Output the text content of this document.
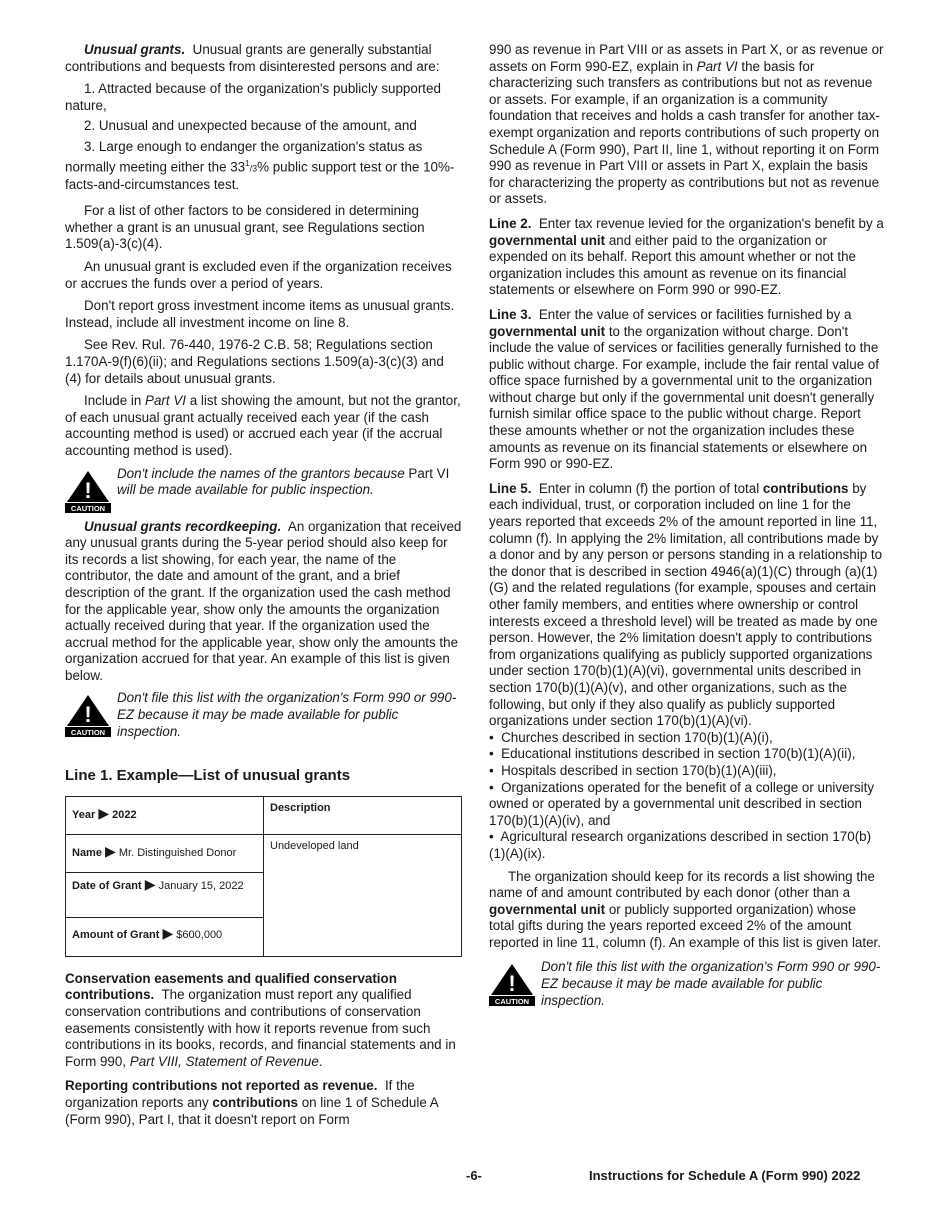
Unusual grants. Unusual grants are generally substantial contributions and bequests from disinterested persons and are:

1. Attracted because of the organization's publicly supported nature,

2. Unusual and unexpected because of the amount, and

3. Large enough to endanger the organization's status as normally meeting either the $33^1/3\%$ public support test or the 10%-facts-and-circumstances test.

For a list of other factors to be considered in determining whether a grant is an unusual grant, see Regulations section 1.509(a)-3(c)(4).

An unusual grant is excluded even if the organization receives or accrues the funds over a period of years.

Don't report gross investment income items as unusual grants. Instead, include all investment income on line 8.

See Rev. Rul. 76-440, 1976-2 C.B. 58; Regulations section 1.170A-9(f)(6)(ii); and Regulations sections 1.509(a)-3(c)(3) and (4) for details about unusual grants.

Include in Part VI a list showing the amount, but not the grantor, of each unusual grant actually received each year (if the cash accounting method is used) or accrued each year (if the accrual accounting method is used).

!
CAUTION
Don't include the names of the grantors because Part VI will be made available for public inspection.

Unusual grants recordkeeping. An organization that received any unusual grants during the 5-year period should also keep for its records a list showing, for each year, the name of the contributor, the date and amount of the grant, and a brief description of the grant. If the organization used the cash method for the applicable year, show only the amounts the organization actually received during that year. If the organization used the accrual method for the applicable year, show only the amounts the organization accrued for that year. An example of this list is given below.

!
CAUTION
Don't file this list with the organization's Form 990 or 990-EZ because it may be made available for public inspection.
Line 1. Example—List of unusual grants
Year ▶ 2022	Description
Name ▶ Mr. Distinguished Donor	Undeveloped land
Date of Grant ▶ January 15, 2022	
Amount of Grant ▶ $600,000	

Conservation easements and qualified conservation contributions. The organization must report any qualified conservation contributions and contributions of conservation easements consistently with how it reports revenue from such contributions in its books, records, and financial statements and in Form 990, Part VIII, Statement of Revenue.

Reporting contributions not reported as revenue. If the organization reports any contributions on line 1 of Schedule A (Form 990), Part I, that it doesn't report on Form

990 as revenue in Part VIII or as assets in Part X, or as revenue or assets on Form 990-EZ, explain in Part VI the basis for characterizing such transfers as contributions but not as revenue or assets. For example, if an organization is a community foundation that receives and holds a cash transfer for another tax-exempt organization and reports contributions of such property on Schedule A (Form 990), Part II, line 1, without reporting it on Form 990 as revenue in Part VIII or assets in Part X, explain the basis for characterizing the property as contributions but not as revenue or assets.

Line 2. Enter tax revenue levied for the organization's benefit by a governmental unit and either paid to the organization or expended on its behalf. Report this amount whether or not the organization includes this amount as revenue on its financial statements or elsewhere on Form 990 or 990-EZ.

Line 3. Enter the value of services or facilities furnished by a governmental unit to the organization without charge. Don't include the value of services or facilities generally furnished to the public without charge. For example, include the fair rental value of office space furnished by a governmental unit to the organization without charge but only if the governmental unit doesn't generally furnish similar office space to the public without charge. Report these amounts whether or not the organization includes these amounts as revenue on its financial statements or elsewhere on Form 990 or 990-EZ.

Line 5. Enter in column (f) the portion of total contributions by each individual, trust, or corporation included on line 1 for the years reported that exceeds 2% of the amount reported in line 11, column (f). In applying the 2% limitation, all contributions made by a donor and by any person or persons standing in a relationship to the donor that is described in section 4946(a)(1)(C) through (a)(1)(G) and the related regulations (for example, spouses and certain other family members, and entities where ownership or control interests exceed a threshold level) will be treated as made by one person. However, the 2% limitation doesn't apply to contributions from organizations qualifying as publicly supported organizations under section 170(b)(1)(A)(vi), governmental units described in section 170(b)(1)(A)(v), and other organizations, such as the following, but only if they also qualify as publicly supported organizations under section 170(b)(1)(A)(vi).

•  Churches described in section 170(b)(1)(A)(i),

•  Educational institutions described in section 170(b)(1)(A)(ii),

•  Hospitals described in section 170(b)(1)(A)(iii),

•  Organizations operated for the benefit of a college or university owned or operated by a governmental unit described in section 170(b)(1)(A)(iv), and

•  Agricultural research organizations described in section 170(b)(1)(A)(ix).

The organization should keep for its records a list showing the name of and amount contributed by each donor (other than a governmental unit or publicly supported organization) whose total gifts during the years reported exceed 2% of the amount reported in line 11, column (f). An example of this list is given later.

!
CAUTION
Don't file this list with the organization's Form 990 or 990-EZ because it may be made available for public inspection.
-6-	Instructions for Schedule A (Form 990) 2022
